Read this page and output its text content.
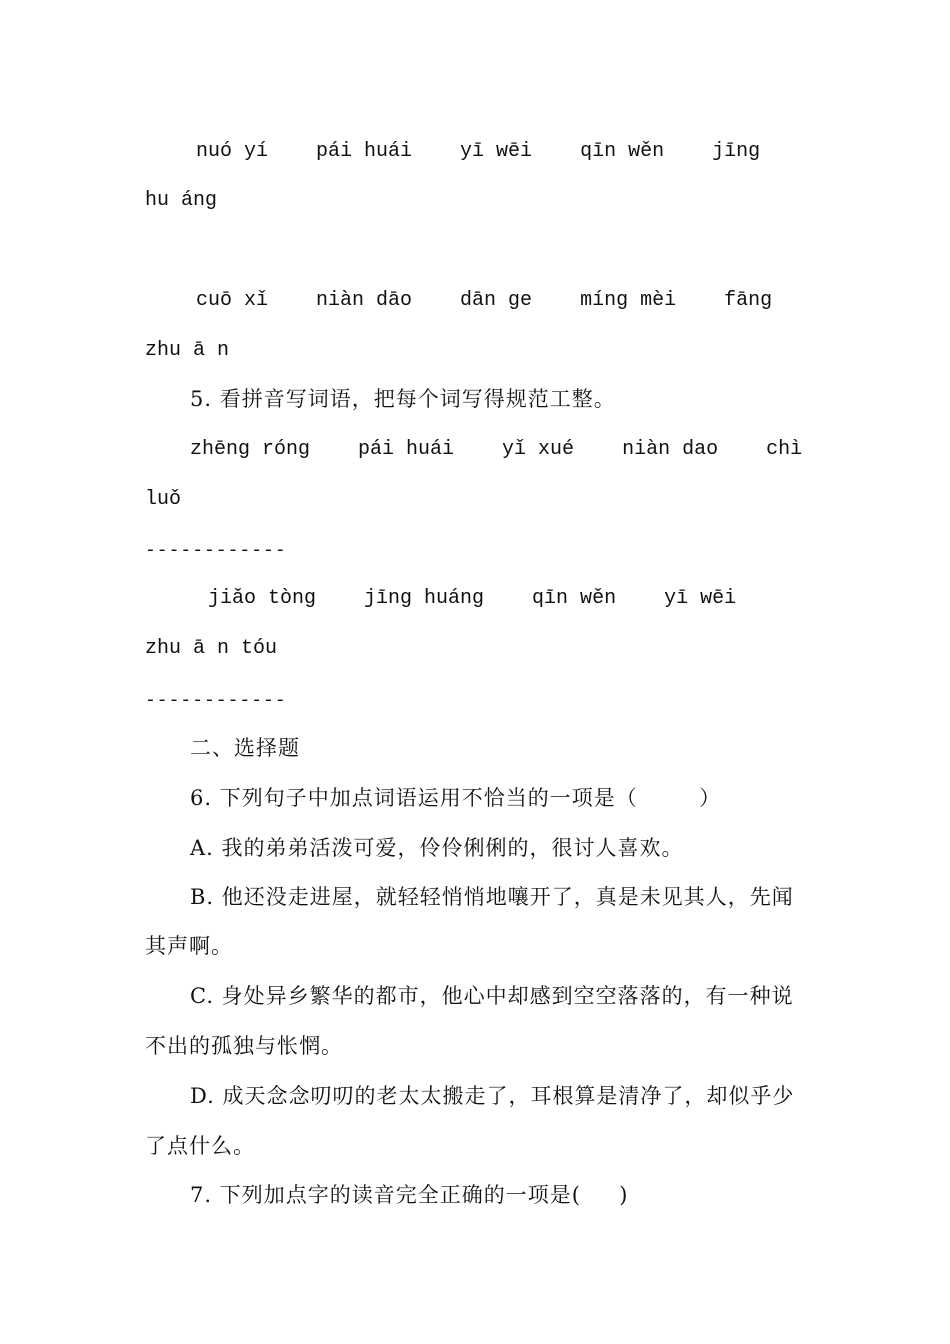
nuó yí    pái huái    yī wēi    qīn wěn    jīng

hu áng

cuō xǐ    niàn dāo    dān ge    míng mèi    fāng

zhu ā n

5. 看拼音写词语，把每个词写得规范工整。

zhēng róng    pái huái    yǐ xué    niàn dao    chì

luǒ

------------

jiǎo tòng    jīng huáng    qīn wěn    yī wēi

zhu ā n tóu

------------

二、选择题

6. 下列句子中加点词语运用不恰当的一项是（        ）

A. 我的弟弟活泼可爱，伶伶俐俐的，很讨人喜欢。

B. 他还没走进屋，就轻轻悄悄地嚷开了，真是未见其人，先闻

其声啊。

C. 身处异乡繁华的都市，他心中却感到空空落落的，有一种说

不出的孤独与怅惘。

D. 成天念念叨叨的老太太搬走了，耳根算是清净了，却似乎少

了点什么。

7. 下列加点字的读音完全正确的一项是(     )
